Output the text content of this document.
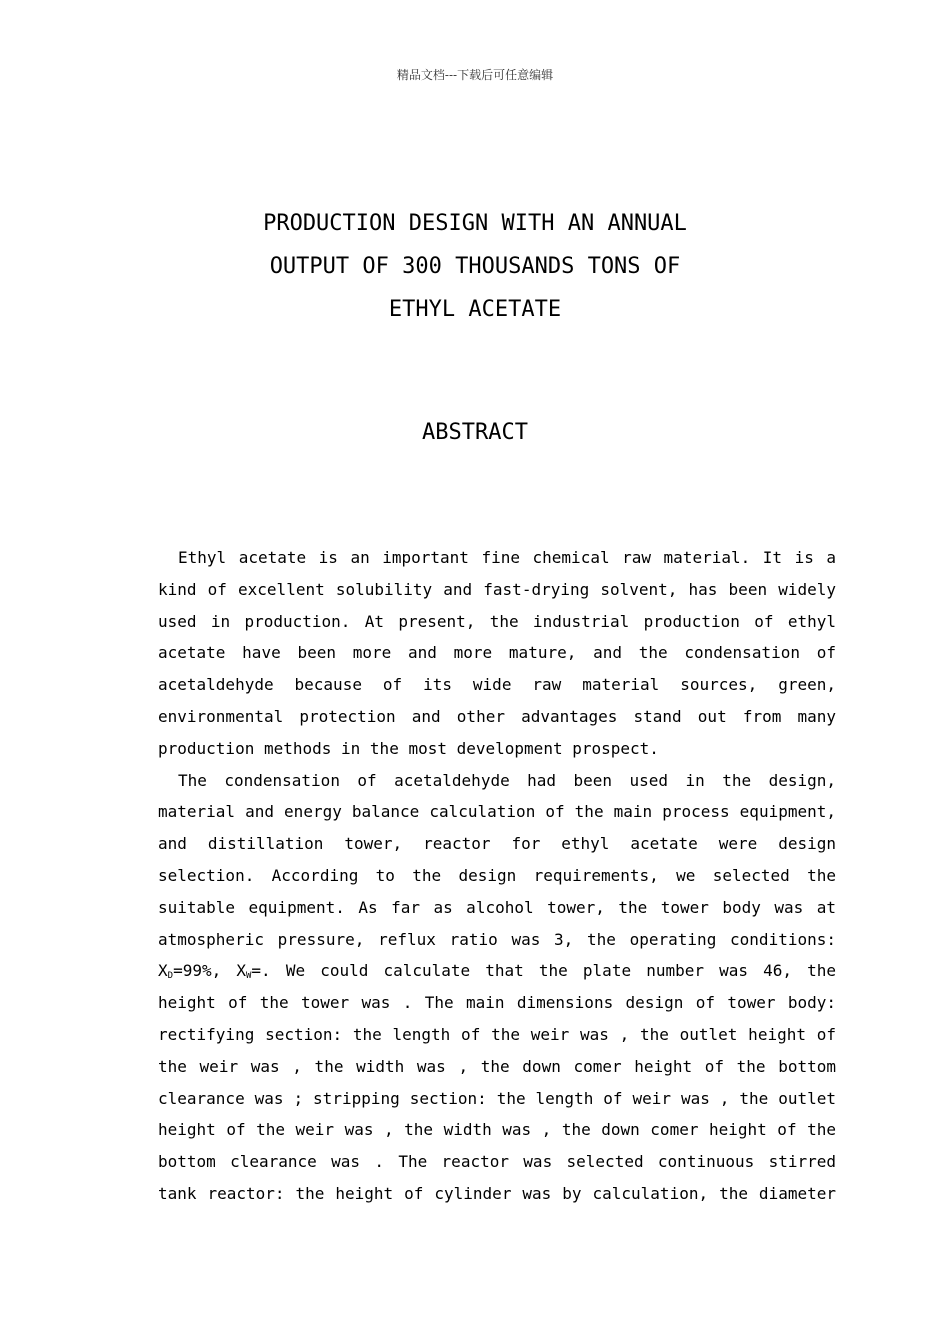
精品文档---下载后可任意编辑
PRODUCTION DESIGN WITH AN ANNUAL
OUTPUT OF 300 THOUSANDS TONS OF
ETHYL ACETATE
ABSTRACT
Ethyl acetate is an important fine chemical raw material. It is a
kind of excellent solubility and fast-drying solvent, has been widely
used in production. At present, the industrial production of ethyl
acetate have been more and more mature, and the condensation of
acetaldehyde because of its wide raw material sources, green,
environmental protection and other advantages stand out from many
production methods in the most development prospect.
The condensation of acetaldehyde had been used in the design,
material and energy balance calculation of the main process equipment,
and distillation tower, reactor for ethyl acetate were design
selection. According to the design requirements, we selected the
suitable equipment. As far as alcohol tower, the tower body was at
atmospheric pressure, reflux ratio was 3, the operating conditions:
$X_D=99\%$, $X_W=$. We could calculate that the plate number was 46, the
height of the tower was . The main dimensions design of tower body:
rectifying section: the length of the weir was , the outlet height of
the weir was , the width was , the down comer height of the bottom
clearance was ; stripping section: the length of weir was , the outlet
height of the weir was , the width was , the down comer height of the
bottom clearance was . The reactor was selected continuous stirred
tank reactor: the height of cylinder was by calculation, the diameter
